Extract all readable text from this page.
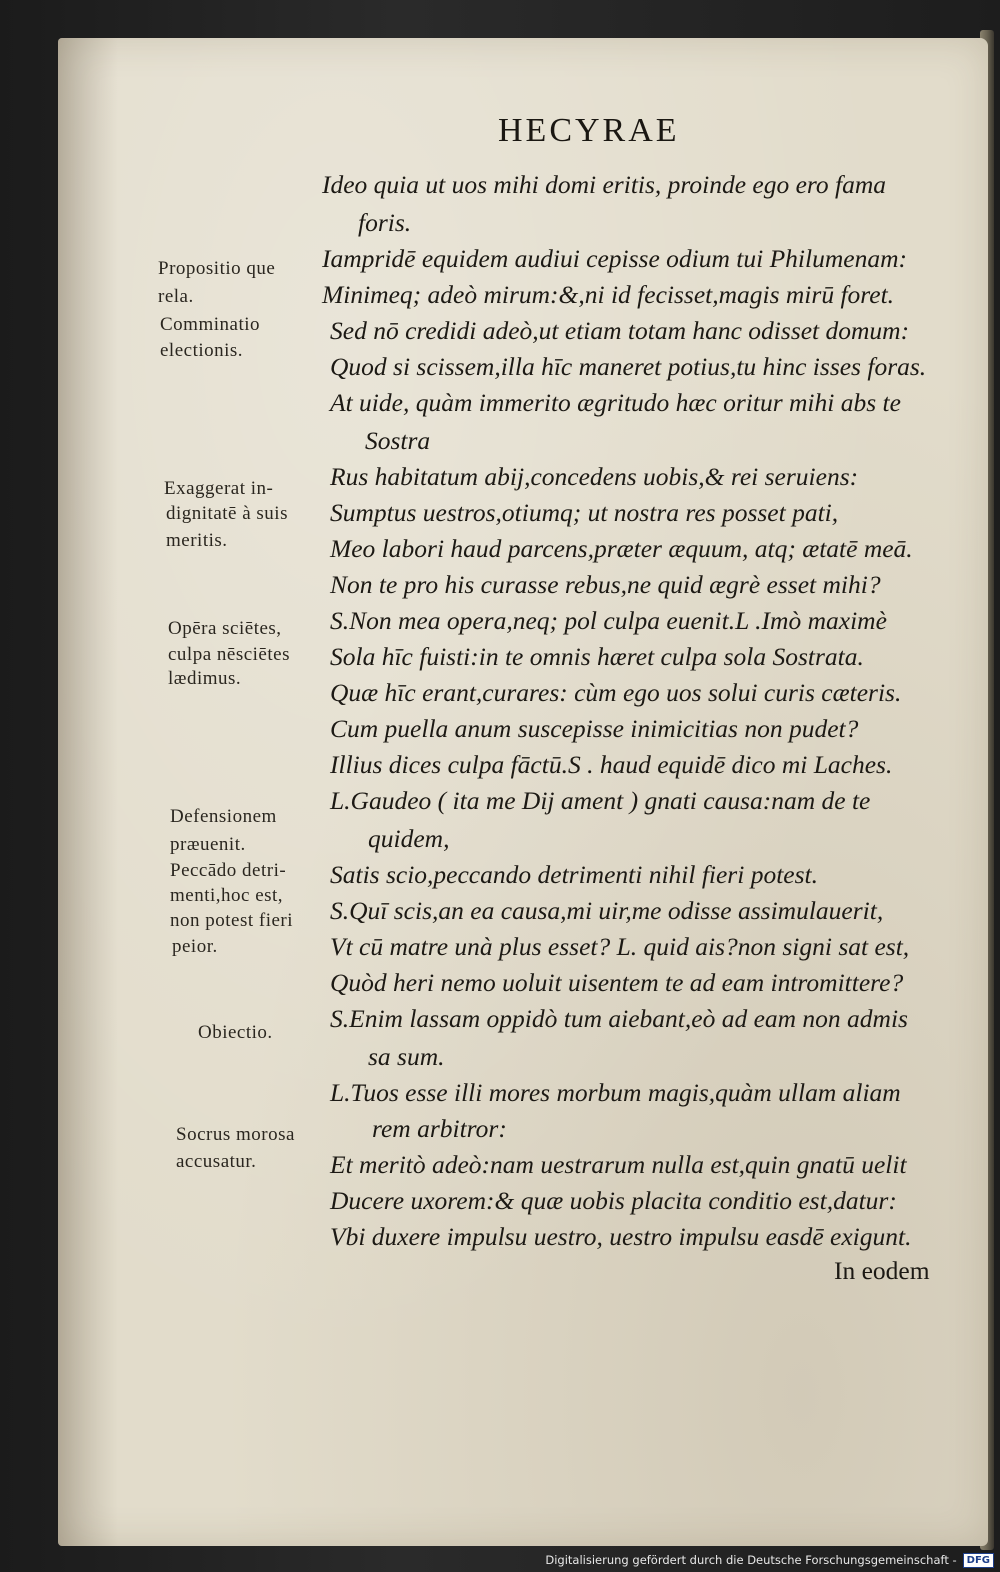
HECYRAE
Ideo quia ut uos mihi domi eritis, proinde ego ero fama
foris.
Iampridē equidem audiui cepisse odium tui Philumenam:
Minimeq; adeò mirum:&,ni id fecisset,magis mirū foret.
Sed nō credidi adeò,ut etiam totam hanc odisset domum:
Quod si scissem,illa hīc maneret potius,tu hinc isses foras.
At uide, quàm immerito ægritudo hæc oritur mihi abs te
Sostra
Rus habitatum abij,concedens uobis,& rei seruiens:
Sumptus uestros,otiumq; ut nostra res posset pati,
Meo labori haud parcens,præter æquum, atq; ætatē meā.
Non te pro his curasse rebus,ne quid ægrè esset mihi?
S.Non mea opera,neq; pol culpa euenit.L .Imò maximè
Sola hīc fuisti:in te omnis hæret culpa sola Sostrata.
Quæ hīc erant,curares: cùm ego uos solui curis cæteris.
Cum puella anum suscepisse inimicitias non pudet?
Illius dices culpa fāctū.S . haud equidē dico mi Laches.
L.Gaudeo ( ita me Dij ament ) gnati causa:nam de te
quidem,
Satis scio,peccando detrimenti nihil fieri potest.
S.Quī scis,an ea causa,mi uir,me odisse assimulauerit,
Vt cū matre unà plus esset? L. quid ais?non signi sat est,
Quòd heri nemo uoluit uisentem te ad eam intromittere?
S.Enim lassam oppidò tum aiebant,eò ad eam non admis
sa sum.
L.Tuos esse illi mores morbum magis,quàm ullam aliam
rem arbitror:
Et meritò adeò:nam uestrarum nulla est,quin gnatū uelit
Ducere uxorem:& quæ uobis placita conditio est,datur:
Vbi duxere impulsu uestro, uestro impulsu easdē exigunt.
In eodem
Propositio que
rela.
Comminatio
electionis.
Exaggerat in-
dignitatē à suis
meritis.
Opēra sciētes,
culpa nēsciētes
lædimus.
Defensionem
præuenit.
Peccādo detri-
menti,hoc est,
non potest fieri
peior.
Obiectio.
Socrus morosa
accusatur.
Digitalisierung gefördert durch die Deutsche Forschungsgemeinschaft -	DFG
